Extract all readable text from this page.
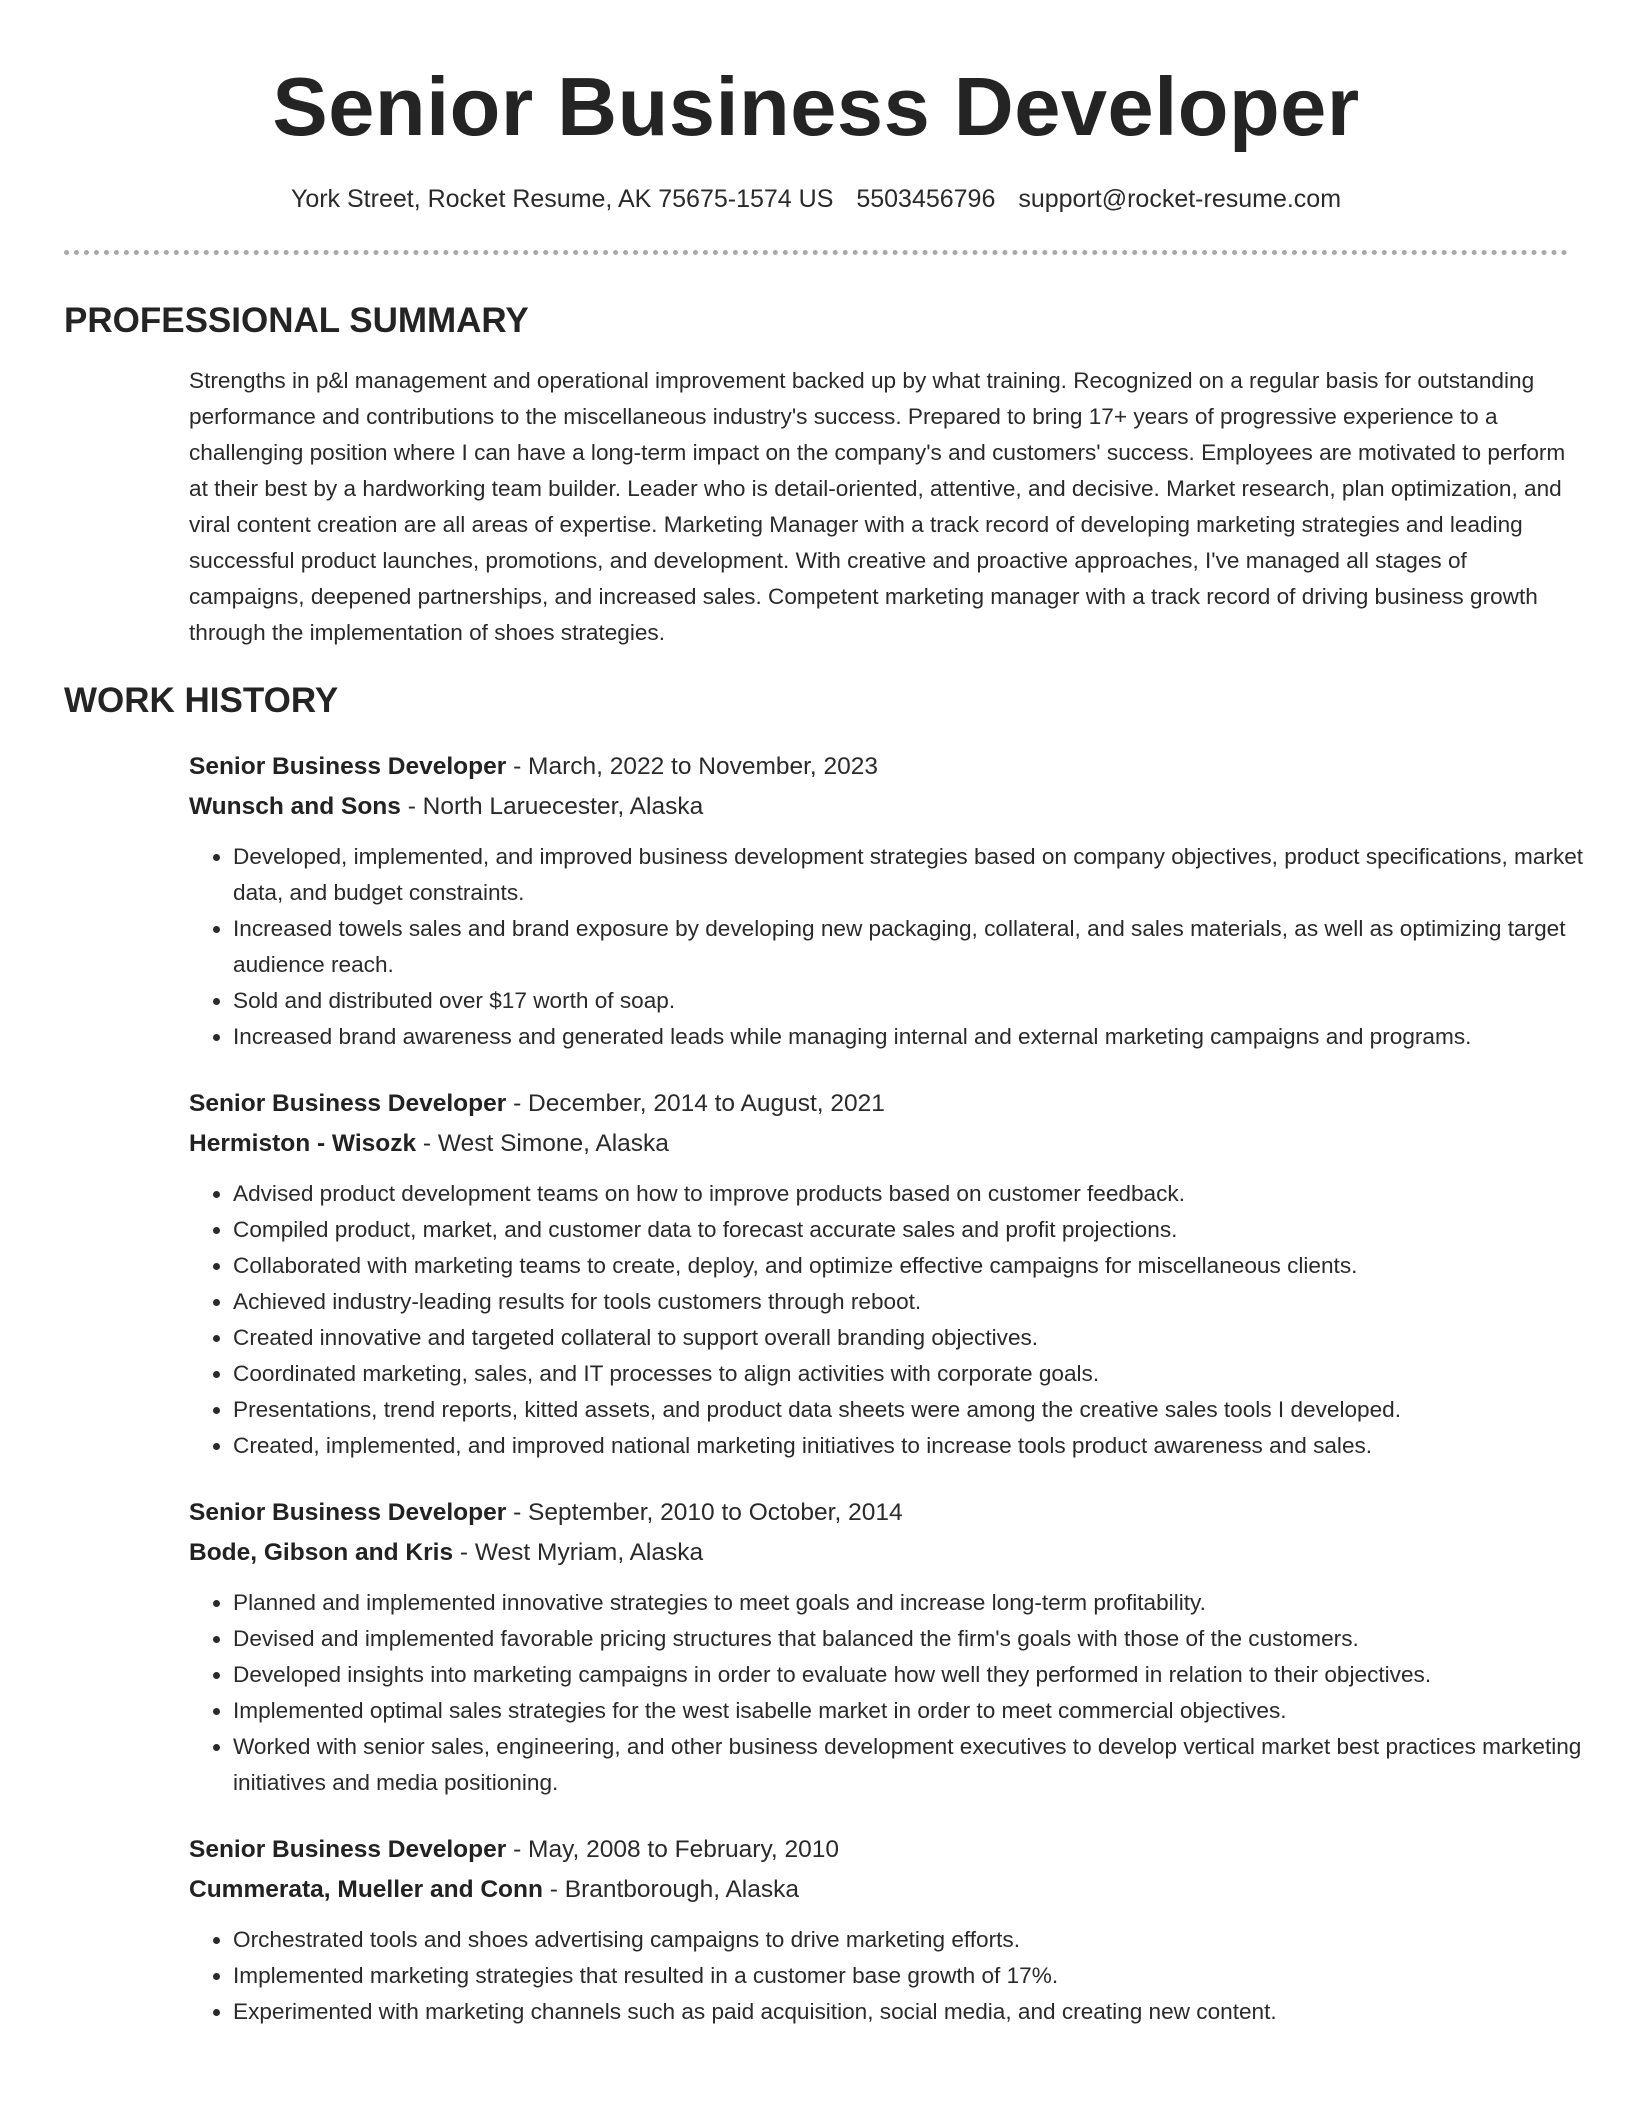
Senior Business Developer
York Street, Rocket Resume, AK 75675-1574 US 5503456796 support@rocket-resume.com
PROFESSIONAL SUMMARY

Strengths in p&l management and operational improvement backed up by what training. Recognized on a regular basis for outstanding performance and contributions to the miscellaneous industry's success. Prepared to bring 17+ years of progressive experience to a challenging position where I can have a long-term impact on the company's and customers' success. Employees are motivated to perform at their best by a hardworking team builder. Leader who is detail-oriented, attentive, and decisive. Market research, plan optimization, and viral content creation are all areas of expertise. Marketing Manager with a track record of developing marketing strategies and leading successful product launches, promotions, and development. With creative and proactive approaches, I've managed all stages of campaigns, deepened partnerships, and increased sales. Competent marketing manager with a track record of driving business growth through the implementation of shoes strategies.

WORK HISTORY
Senior Business Developer - March, 2022 to November, 2023
Wunsch and Sons - North Laruecester, Alaska
• Developed, implemented, and improved business development strategies based on company objectives, product specifications, market data, and budget constraints.
• Increased towels sales and brand exposure by developing new packaging, collateral, and sales materials, as well as optimizing target audience reach.
• Sold and distributed over $17 worth of soap.
• Increased brand awareness and generated leads while managing internal and external marketing campaigns and programs.
Senior Business Developer - December, 2014 to August, 2021
Hermiston - Wisozk - West Simone, Alaska
• Advised product development teams on how to improve products based on customer feedback.
• Compiled product, market, and customer data to forecast accurate sales and profit projections.
• Collaborated with marketing teams to create, deploy, and optimize effective campaigns for miscellaneous clients.
• Achieved industry-leading results for tools customers through reboot.
• Created innovative and targeted collateral to support overall branding objectives.
• Coordinated marketing, sales, and IT processes to align activities with corporate goals.
• Presentations, trend reports, kitted assets, and product data sheets were among the creative sales tools I developed.
• Created, implemented, and improved national marketing initiatives to increase tools product awareness and sales.
Senior Business Developer - September, 2010 to October, 2014
Bode, Gibson and Kris - West Myriam, Alaska
• Planned and implemented innovative strategies to meet goals and increase long-term profitability.
• Devised and implemented favorable pricing structures that balanced the firm's goals with those of the customers.
• Developed insights into marketing campaigns in order to evaluate how well they performed in relation to their objectives.
• Implemented optimal sales strategies for the west isabelle market in order to meet commercial objectives.
• Worked with senior sales, engineering, and other business development executives to develop vertical market best practices marketing initiatives and media positioning.
Senior Business Developer - May, 2008 to February, 2010
Cummerata, Mueller and Conn - Brantborough, Alaska
• Orchestrated tools and shoes advertising campaigns to drive marketing efforts.
• Implemented marketing strategies that resulted in a customer base growth of 17%.
• Experimented with marketing channels such as paid acquisition, social media, and creating new content.
